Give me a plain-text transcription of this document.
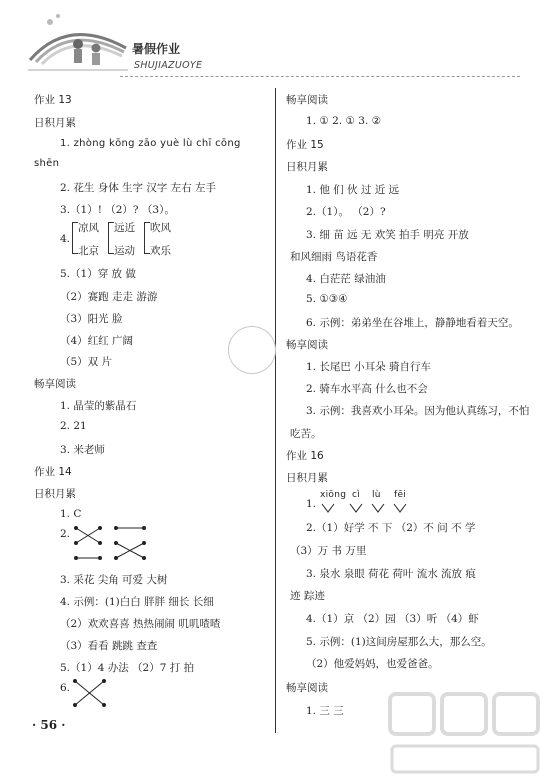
暑假作业
SHUJIAZUOYE
作业 13
日积月累
1. zhòng kōng zāo yuè lù chī cōng
shēn
2. 花生 身体 生字 汉字 左右 左手
3.（1）! （2）? （3）。
4.
凉风
北京
远近
运动
吹风
欢乐
5.（1）穿 放 做
（2）赛跑 走走 游游
（3）阳光 脸
（4）红红 广阔
（5）双 片
畅享阅读
1. 晶莹的紫晶石
2. 21
3. 米老师
作业 14
日积月累
1. C
2.
3. 采花 尖角 可爱 大树
4. 示例：(1)白白 胖胖 细长 长细
（2）欢欢喜喜 热热闹闹 叽叽喳喳
（3）看看 跳跳 查查
5.（1）4 办法 （2）7 打 拍
6.
· 56 ·
畅享阅读
1. ① 2. ① 3. ②
作业 15
日积月累
1. 他 们 伙 过 近 远
2.（1）。 （2）?
3. 细 苗 远 无 欢笑 拍手 明亮 开放
和风细雨 鸟语花香
4. 白茫茫 绿油油
5. ①③④
6. 示例：弟弟坐在谷堆上，静静地看着天空。
畅享阅读
1. 长尾巴 小耳朵 骑自行车
2. 骑车水平高 什么也不会
3. 示例：我喜欢小耳朵。因为他认真练习，不怕
吃苦。
作业 16
日积月累
1.
xiōng cì lù fēi
2.（1）好学 不 下 （2）不 问 不 学
（3）万 书 万里
3. 泉水 泉眼 荷花 荷叶 流水 流放 痕
迹 踪迹
4.（1）京 （2）园 （3）听 （4）虾
5. 示例：(1)这间房屋那么大，那么空。
（2）他爱妈妈，也爱爸爸。
畅享阅读
1. 三 三
